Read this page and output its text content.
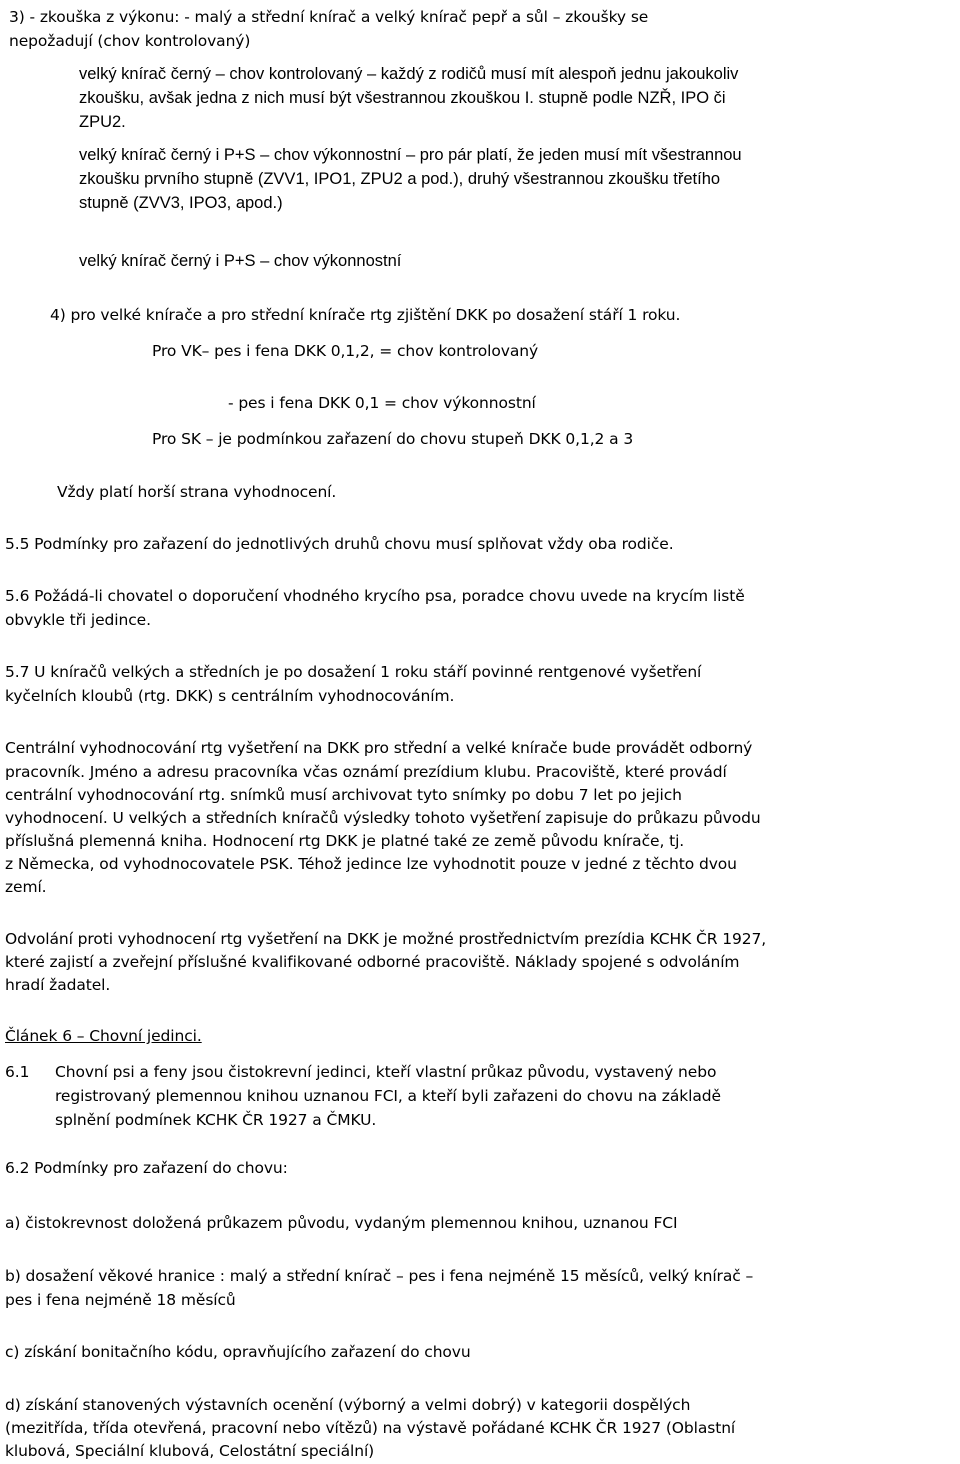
3) - zkouška z výkonu: - malý a střední knírač a velký knírač pepř a sůl – zkoušky se
nepožadují (chov kontrolovaný)
velký knírač černý – chov kontrolovaný – každý z rodičů musí mít alespoň jednu jakoukoliv
zkoušku, avšak jedna z nich musí být všestrannou zkouškou I. stupně podle NZŘ, IPO či
ZPU2.
velký knírač černý i P+S – chov výkonnostní – pro pár platí, že jeden musí mít všestrannou
zkoušku prvního stupně (ZVV1, IPO1, ZPU2 a pod.), druhý všestrannou zkoušku třetího
stupně (ZVV3, IPO3, apod.)
velký knírač černý i P+S – chov výkonnostní
4) pro velké knírače a pro střední knírače rtg zjištění DKK po dosažení stáří 1 roku.
Pro VK– pes i fena DKK 0,1,2, = chov kontrolovaný
- pes i fena DKK 0,1 = chov výkonnostní
Pro SK – je podmínkou zařazení do chovu stupeň DKK 0,1,2 a 3
Vždy platí horší strana vyhodnocení.
5.5 Podmínky pro zařazení do jednotlivých druhů chovu musí splňovat vždy oba rodiče.
5.6 Požádá-li chovatel o doporučení vhodného krycího psa, poradce chovu uvede na krycím listě
obvykle tři jedince.
5.7 U kníračů velkých a středních je po dosažení 1 roku stáří povinné rentgenové vyšetření
kyčelních kloubů (rtg. DKK) s centrálním vyhodnocováním.
Centrální vyhodnocování rtg vyšetření na DKK pro střední a velké knírače bude provádět odborný
pracovník. Jméno a adresu pracovníka včas oznámí prezídium klubu. Pracoviště, které provádí
centrální vyhodnocování rtg. snímků musí archivovat tyto snímky po dobu 7 let po jejich
vyhodnocení. U velkých a středních kníračů výsledky tohoto vyšetření zapisuje do průkazu původu
příslušná plemenná kniha. Hodnocení rtg DKK je platné také ze země původu knírače, tj.
z Německa, od vyhodnocovatele PSK. Téhož jedince lze vyhodnotit pouze v jedné z těchto dvou
zemí.
Odvolání proti vyhodnocení rtg vyšetření na DKK je možné prostřednictvím prezídia KCHK ČR 1927,
které zajistí a zveřejní příslušné kvalifikované odborné pracoviště. Náklady spojené s odvoláním
hradí žadatel.
Článek 6 – Chovní jedinci.
6.1 Chovní psi a feny jsou čistokrevní jedinci, kteří vlastní průkaz původu, vystavený nebo
registrovaný plemennou knihou uznanou FCI, a kteří byli zařazeni do chovu na základě
splnění podmínek KCHK ČR 1927 a ČMKU.
6.2 Podmínky pro zařazení do chovu:
a) čistokrevnost doložená průkazem původu, vydaným plemennou knihou, uznanou FCI
b) dosažení věkové hranice : malý a střední knírač – pes i fena nejméně 15 měsíců, velký knírač –
pes i fena nejméně 18 měsíců
c) získání bonitačního kódu, opravňujícího zařazení do chovu
d) získání stanovených výstavních ocenění (výborný a velmi dobrý) v kategorii dospělých
(mezitřída, třída otevřená, pracovní nebo vítězů) na výstavě pořádané KCHK ČR 1927 (Oblastní
klubová, Speciální klubová, Celostátní speciální)
